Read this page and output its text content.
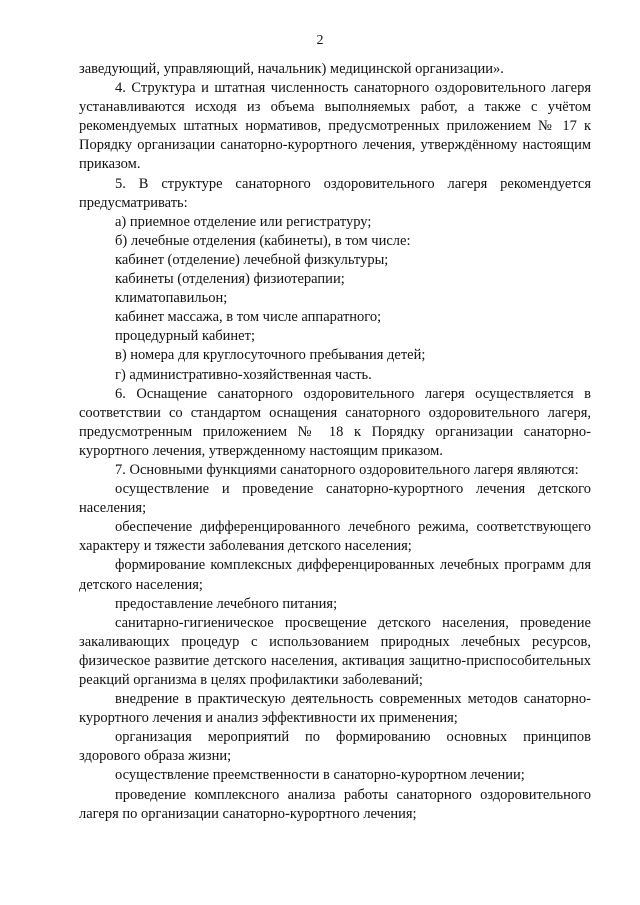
2

заведующий, управляющий, начальник) медицинской организации».

4. Структура и штатная численность санаторного оздоровительного лагеря устанавливаются исходя из объема выполняемых работ, а также с учётом рекомендуемых штатных нормативов, предусмотренных приложением № 17 к Порядку организации санаторно-курортного лечения, утверждённому настоящим приказом.

5. В структуре санаторного оздоровительного лагеря рекомендуется предусматривать:

а) приемное отделение или регистратуру;

б) лечебные отделения (кабинеты), в том числе:

кабинет (отделение) лечебной физкультуры;

кабинеты (отделения) физиотерапии;

климатопавильон;

кабинет массажа, в том числе аппаратного;

процедурный кабинет;

в) номера для круглосуточного пребывания детей;

г) административно-хозяйственная часть.

6. Оснащение санаторного оздоровительного лагеря осуществляется в соответствии со стандартом оснащения санаторного оздоровительного лагеря, предусмотренным приложением № 18 к Порядку организации санаторно-курортного лечения, утвержденному настоящим приказом.

7. Основными функциями санаторного оздоровительного лагеря являются:

осуществление и проведение санаторно-курортного лечения детского населения;

обеспечение дифференцированного лечебного режима, соответствующего характеру и тяжести заболевания детского населения;

формирование комплексных дифференцированных лечебных программ для детского населения;

предоставление лечебного питания;

санитарно-гигиеническое просвещение детского населения, проведение закаливающих процедур с использованием природных лечебных ресурсов, физическое развитие детского населения, активация защитно-приспособительных реакций организма в целях профилактики заболеваний;

внедрение в практическую деятельность современных методов санаторно-курортного лечения и анализ эффективности их применения;

организация мероприятий по формированию основных принципов здорового образа жизни;

осуществление преемственности в санаторно-курортном лечении;

проведение комплексного анализа работы санаторного оздоровительного лагеря по организации санаторно-курортного лечения;
